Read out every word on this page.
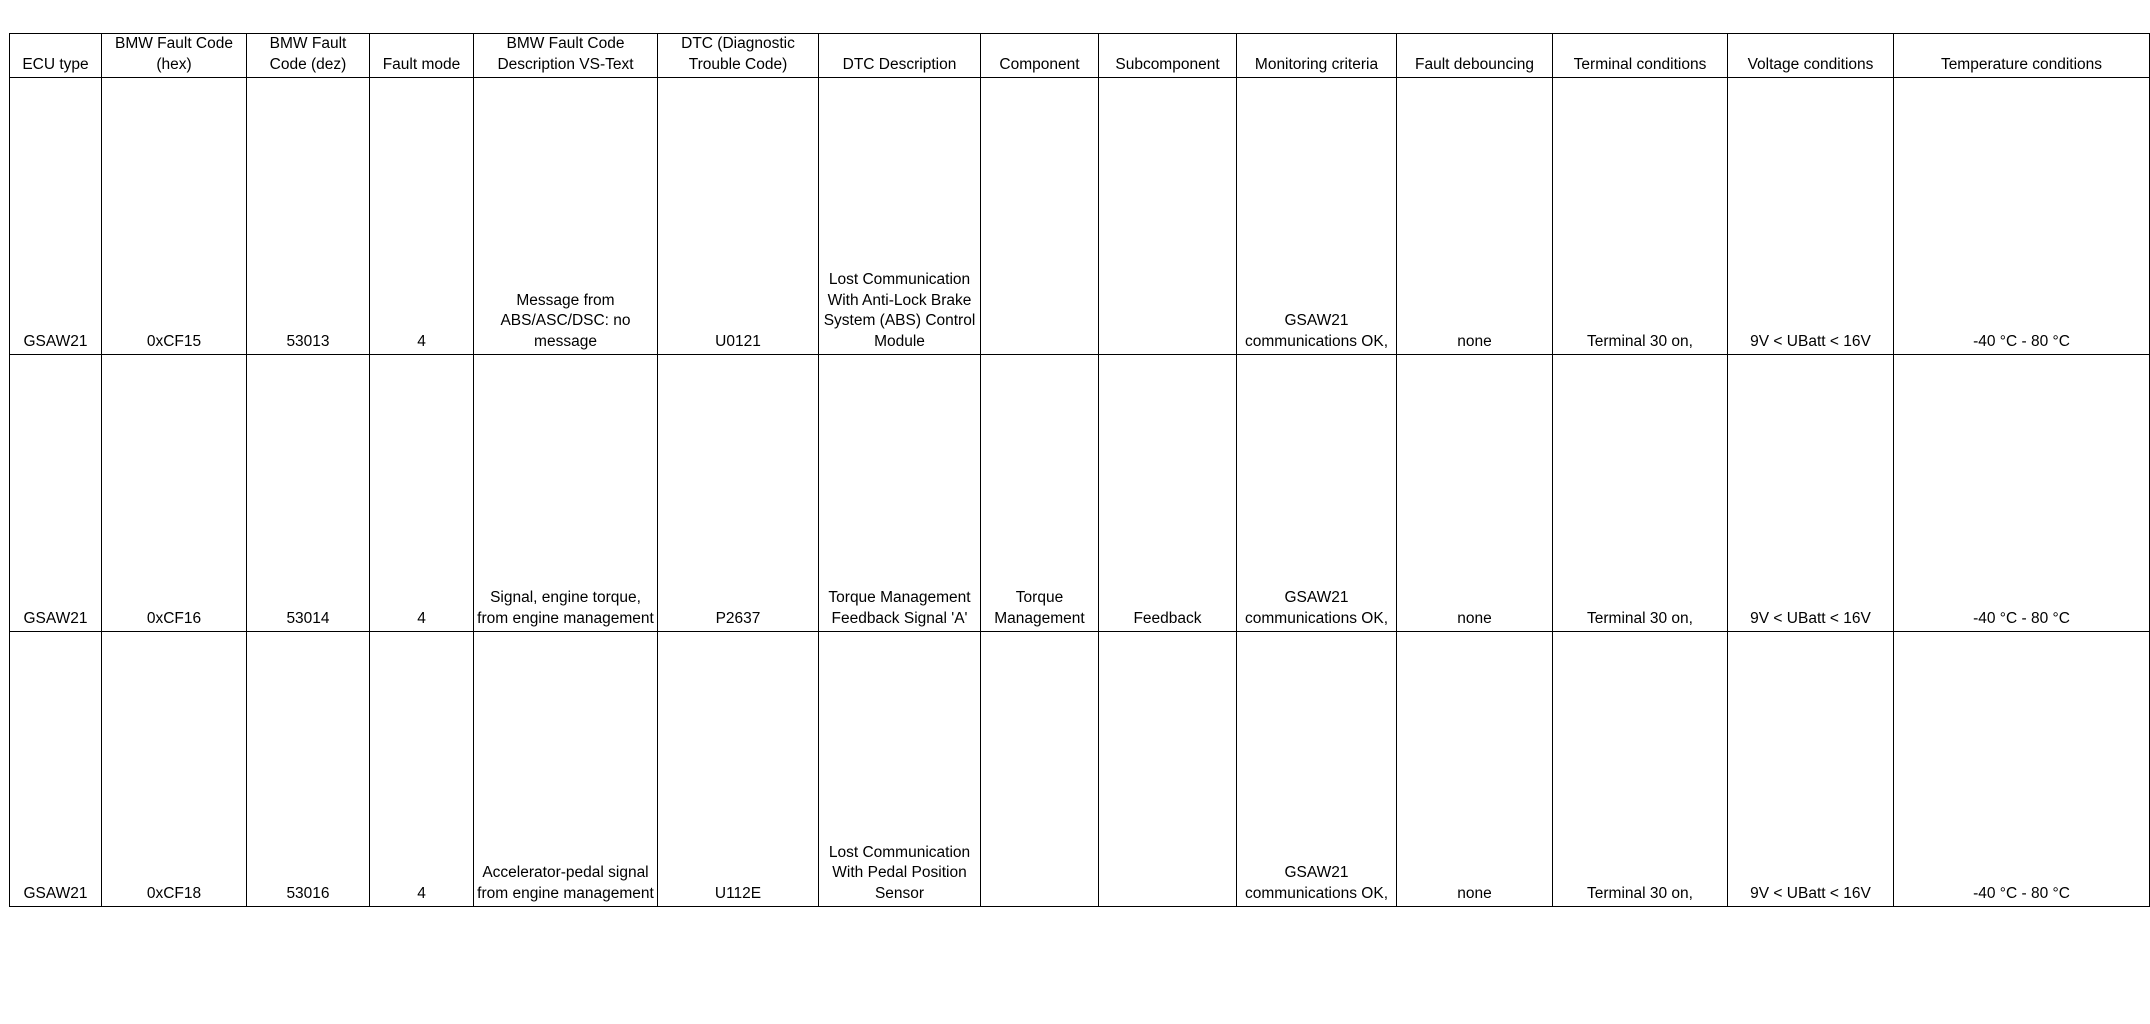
ECU type	BMW Fault Code (hex)	BMW Fault Code (dez)	Fault mode	BMW Fault Code Description VS-Text	DTC (Diagnostic Trouble Code)	DTC Description	Component	Subcomponent	Monitoring criteria	Fault debouncing	Terminal conditions	Voltage conditions	Temperature conditions
GSAW21	0xCF15	53013	4	Message from ABS/ASC/DSC: no message	U0121	Lost Communication With Anti-Lock Brake System (ABS) Control Module			GSAW21 communications OK,	none	Terminal 30 on,	9V < UBatt < 16V	-40 °C - 80 °C
GSAW21	0xCF16	53014	4	Signal, engine torque, from engine management	P2637	Torque Management Feedback Signal 'A'	Torque Management	Feedback	GSAW21 communications OK,	none	Terminal 30 on,	9V < UBatt < 16V	-40 °C - 80 °C
GSAW21	0xCF18	53016	4	Accelerator-pedal signal from engine management	U112E	Lost Communication With Pedal Position Sensor			GSAW21 communications OK,	none	Terminal 30 on,	9V < UBatt < 16V	-40 °C - 80 °C
